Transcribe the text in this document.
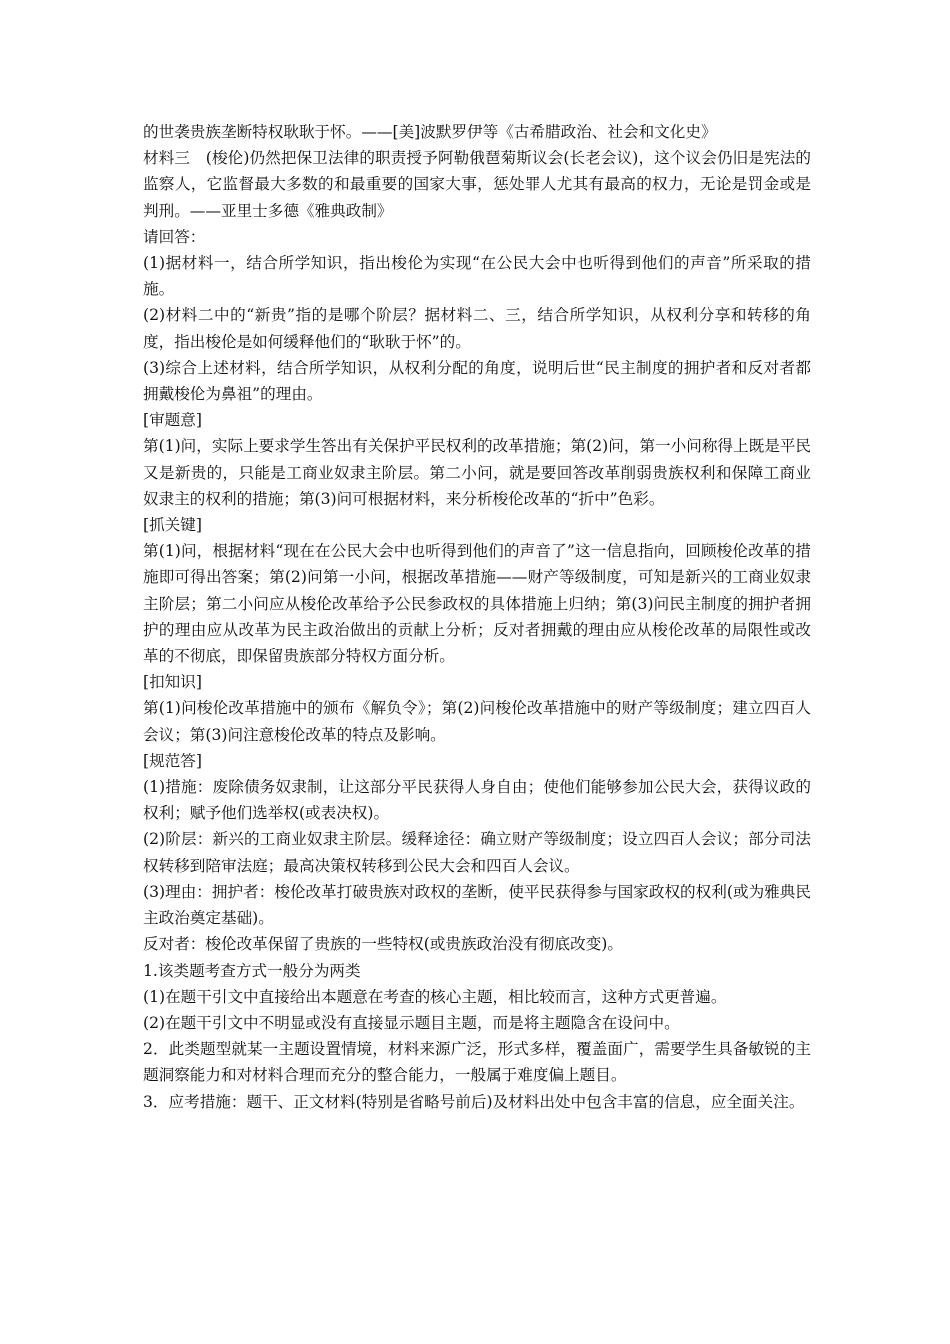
的世袭贵族垄断特权耿耿于怀。——[美]波默罗伊等《古希腊政治、社会和文化史》

材料三　(梭伦)仍然把保卫法律的职责授予阿勒俄琶菊斯议会(长老会议)，这个议会仍旧是宪法的监察人，它监督最大多数的和最重要的国家大事，惩处罪人尤其有最高的权力，无论是罚金或是判刑。——亚里士多德《雅典政制》

请回答：

(1)据材料一，结合所学知识，指出梭伦为实现“在公民大会中也听得到他们的声音”所采取的措施。

(2)材料二中的“新贵”指的是哪个阶层？据材料二、三，结合所学知识，从权利分享和转移的角度，指出梭伦是如何缓释他们的“耿耿于怀”的。

(3)综合上述材料，结合所学知识，从权利分配的角度，说明后世“民主制度的拥护者和反对者都拥戴梭伦为鼻祖”的理由。

[审题意]

第(1)问，实际上要求学生答出有关保护平民权利的改革措施；第(2)问，第一小问称得上既是平民又是新贵的，只能是工商业奴隶主阶层。第二小问，就是要回答改革削弱贵族权利和保障工商业奴隶主的权利的措施；第(3)问可根据材料，来分析梭伦改革的“折中”色彩。

[抓关键]

第(1)问，根据材料“现在在公民大会中也听得到他们的声音了”这一信息指向，回顾梭伦改革的措施即可得出答案；第(2)问第一小问，根据改革措施——财产等级制度，可知是新兴的工商业奴隶主阶层；第二小问应从梭伦改革给予公民参政权的具体措施上归纳；第(3)问民主制度的拥护者拥护的理由应从改革为民主政治做出的贡献上分析；反对者拥戴的理由应从梭伦改革的局限性或改革的不彻底，即保留贵族部分特权方面分析。

[扣知识]

第(1)问梭伦改革措施中的颁布《解负令》；第(2)问梭伦改革措施中的财产等级制度；建立四百人会议；第(3)问注意梭伦改革的特点及影响。

[规范答]

(1)措施：废除债务奴隶制，让这部分平民获得人身自由；使他们能够参加公民大会，获得议政的权利；赋予他们选举权(或表决权)。

(2)阶层：新兴的工商业奴隶主阶层。缓释途径：确立财产等级制度；设立四百人会议；部分司法权转移到陪审法庭；最高决策权转移到公民大会和四百人会议。

(3)理由：拥护者：梭伦改革打破贵族对政权的垄断，使平民获得参与国家政权的权利(或为雅典民主政治奠定基础)。

反对者：梭伦改革保留了贵族的一些特权(或贵族政治没有彻底改变)。

1.该类题考查方式一般分为两类

(1)在题干引文中直接给出本题意在考查的核心主题，相比较而言，这种方式更普遍。

(2)在题干引文中不明显或没有直接显示题目主题，而是将主题隐含在设问中。

2．此类题型就某一主题设置情境，材料来源广泛，形式多样，覆盖面广，需要学生具备敏锐的主题洞察能力和对材料合理而充分的整合能力，一般属于难度偏上题目。

3．应考措施：题干、正文材料(特别是省略号前后)及材料出处中包含丰富的信息，应全面关注。
